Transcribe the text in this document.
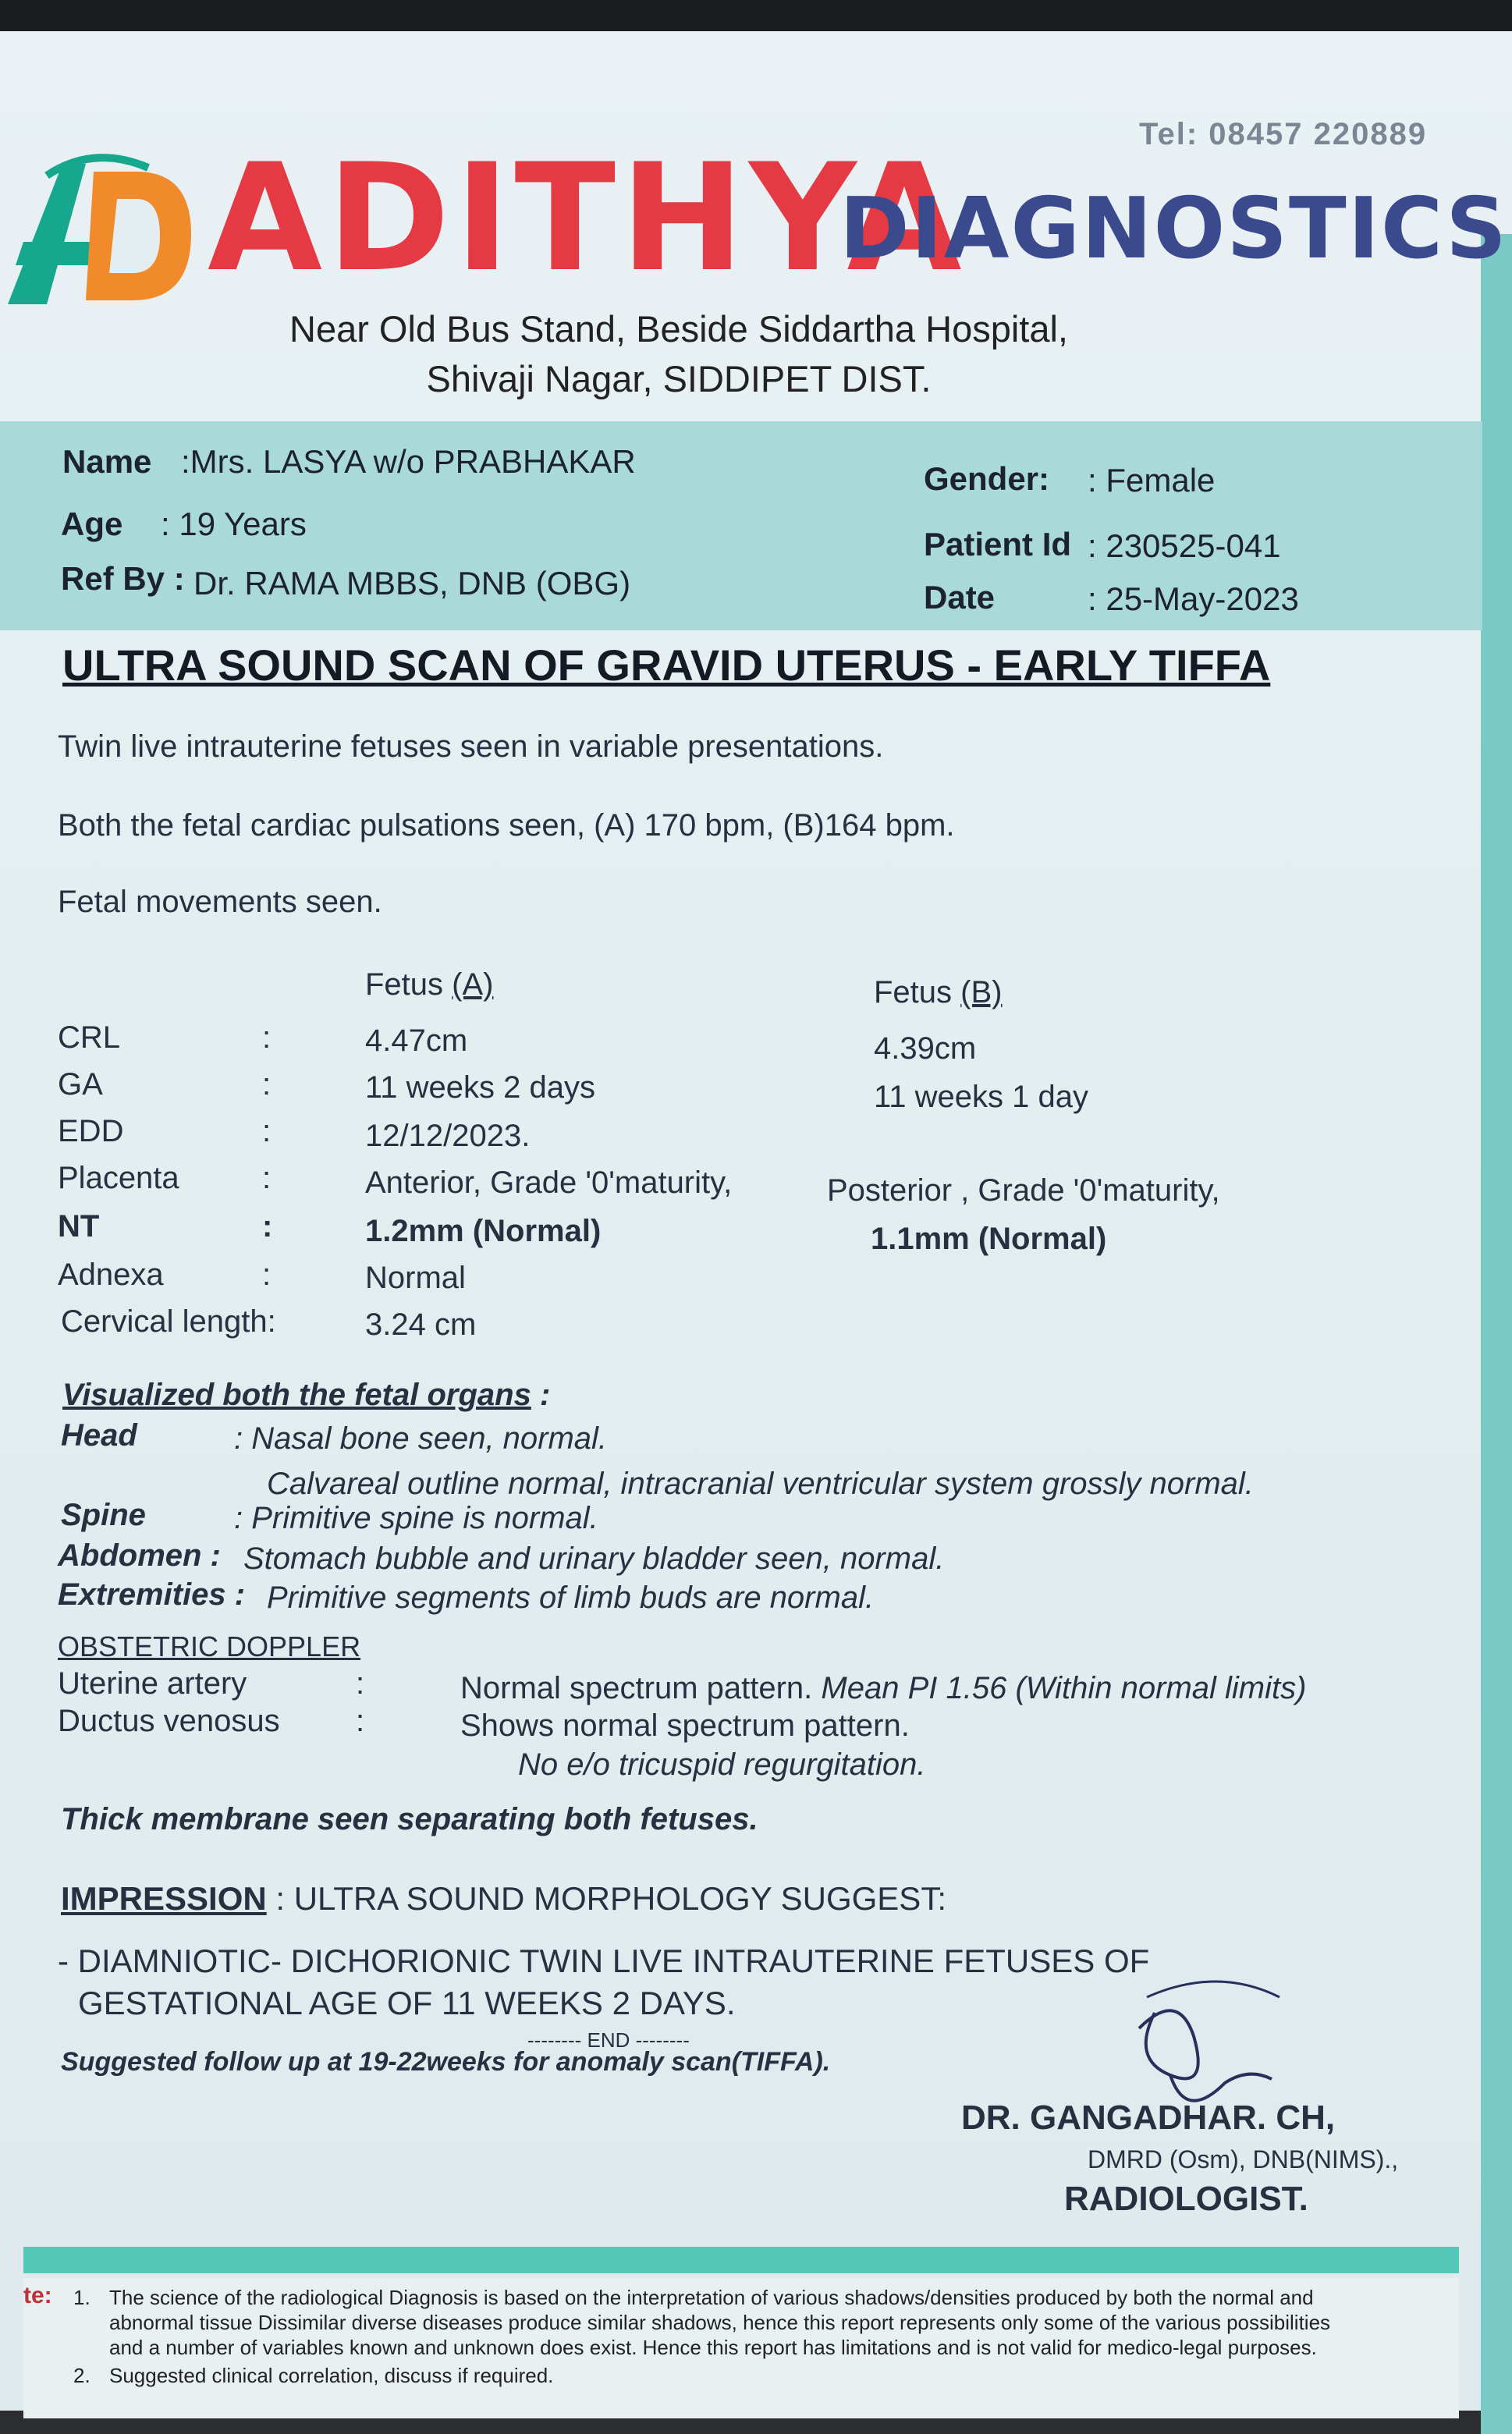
Tel: 08457 220889
ADITHYA
DIAGNOSTICS
Near Old Bus Stand, Beside Siddartha Hospital,
Shivaji Nagar, SIDDIPET DIST.
Name :Mrs. LASYA w/o PRABHAKAR
Age : 19 Years
Ref By : Dr. RAMA MBBS, DNB (OBG)
Gender: : Female
Patient Id : 230525-041
Date	: 25-May-2023
ULTRA SOUND SCAN OF GRAVID UTERUS - EARLY TIFFA
Twin live intrauterine fetuses seen in variable presentations.
Both the fetal cardiac pulsations seen, (A) 170 bpm, (B)164 bpm.
Fetal movements seen.
Fetus (A)	Fetus (B)
CRL	:	4.47cm	4.39cm
GA	:	11 weeks 2 days	11 weeks 1 day
EDD	:	12/12/2023.
Placenta	:	Anterior, Grade '0'maturity,	Posterior , Grade '0'maturity,
NT	:	1.2mm (Normal)	1.1mm (Normal)
Adnexa	:	Normal
Cervical length:	3.24 cm
Visualized both the fetal organs :
Head	: Nasal bone seen, normal.
Calvareal outline normal, intracranial ventricular system grossly normal.
Spine	: Primitive spine is normal.
Abdomen : Stomach bubble and urinary bladder seen, normal.
Extremities : Primitive segments of limb buds are normal.
OBSTETRIC DOPPLER
Uterine artery	:	Normal spectrum pattern. Mean PI 1.56 (Within normal limits)
Ductus venosus :	Shows normal spectrum pattern.
No e/o tricuspid regurgitation.
Thick membrane seen separating both fetuses.
IMPRESSION : ULTRA SOUND MORPHOLOGY SUGGEST:
- DIAMNIOTIC- DICHORIONIC TWIN LIVE INTRAUTERINE FETUSES OF
GESTATIONAL AGE OF 11 WEEKS 2 DAYS.
-------- END --------
Suggested follow up at 19-22weeks for anomaly scan(TIFFA).
DR. GANGADHAR. CH,
DMRD (Osm), DNB(NIMS).,
RADIOLOGIST.
te: 1. The science of the radiological Diagnosis is based on the interpretation of various shadows/densities produced by both the normal and
abnormal tissue Dissimilar diverse diseases produce similar shadows, hence this report represents only some of the various possibilities
and a number of variables known and unknown does exist. Hence this report has limitations and is not valid for medico-legal purposes.
2. Suggested clinical correlation, discuss if required.
